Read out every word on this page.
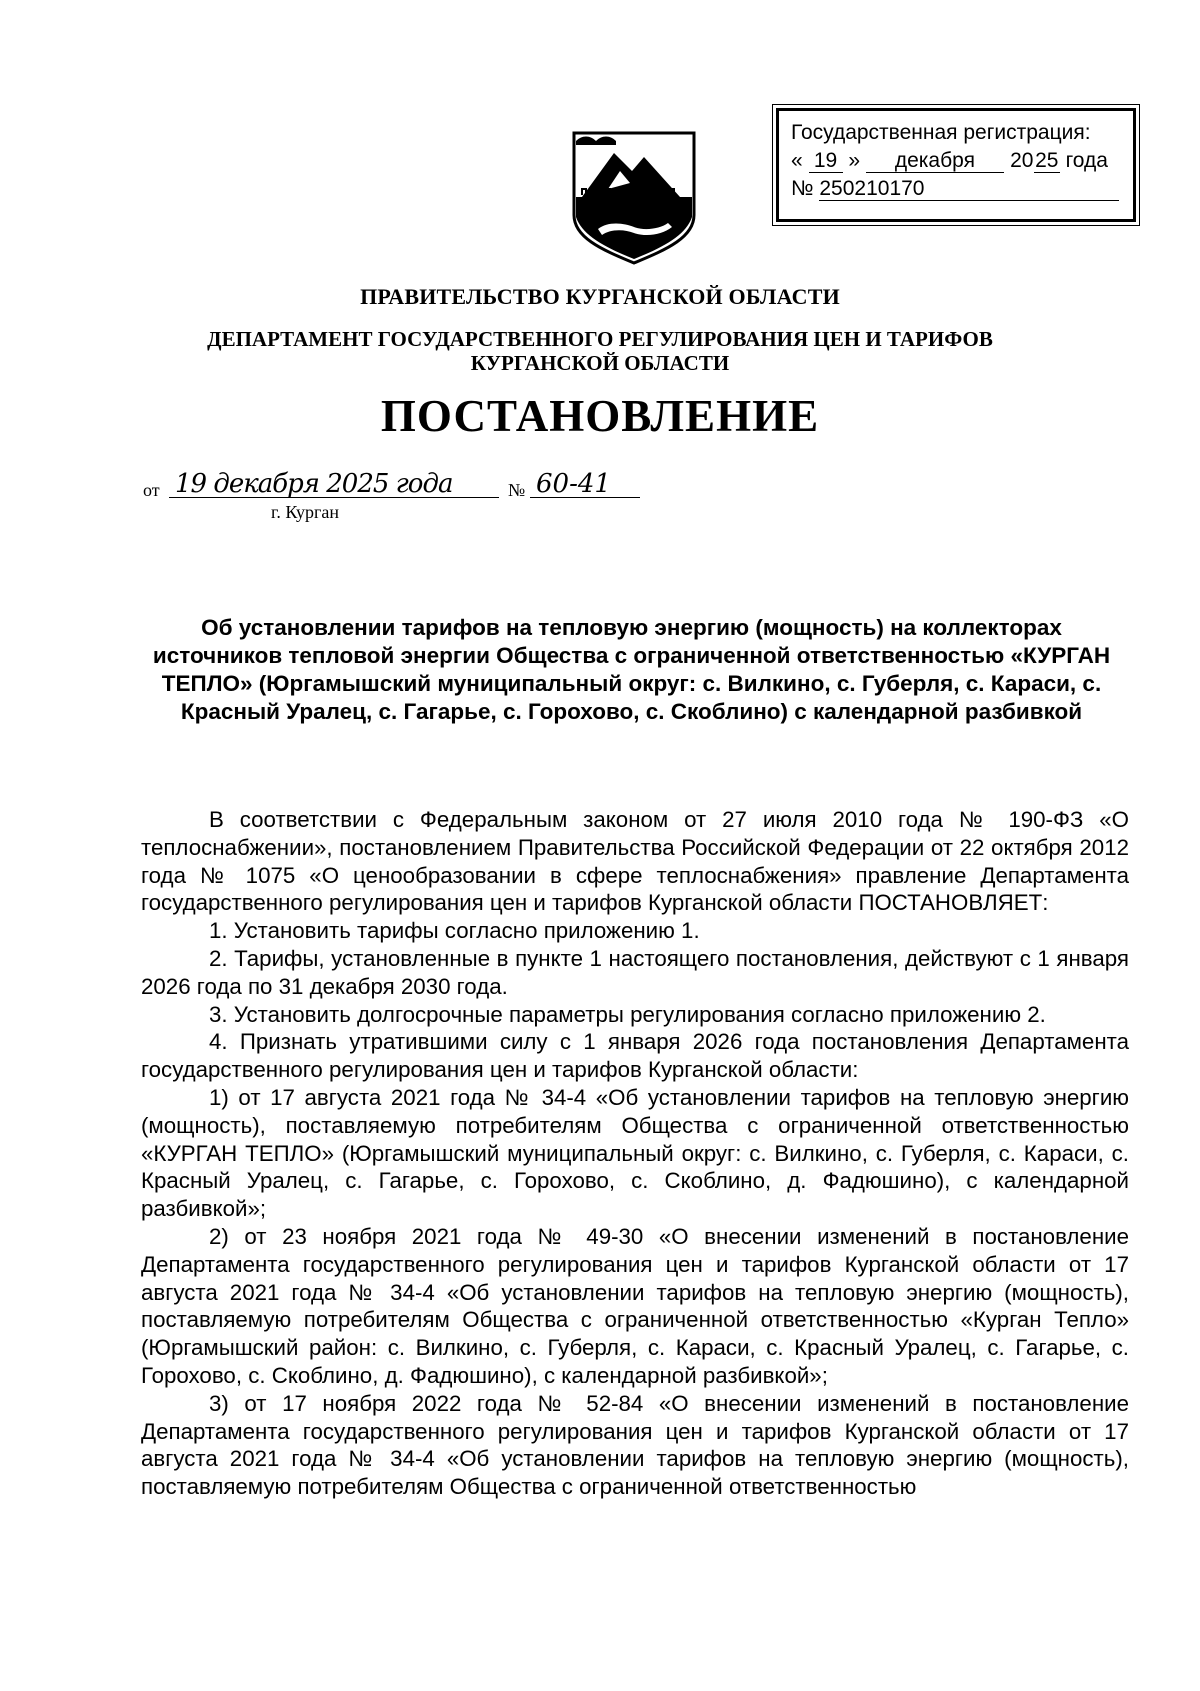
Государственная регистрация:
« 19 » декабря 2025 года
№ 250210170
ПРАВИТЕЛЬСТВО КУРГАНСКОЙ ОБЛАСТИ
ДЕПАРТАМЕНТ ГОСУДАРСТВЕННОГО РЕГУЛИРОВАНИЯ ЦЕН И ТАРИФОВ
КУРГАНСКОЙ ОБЛАСТИ
ПОСТАНОВЛЕНИЕ
от 19 декабря 2025 года	№ 60-41
г. Курган
Об установлении тарифов на тепловую энергию (мощность) на коллекторах источников тепловой энергии Общества с ограниченной ответственностью «КУРГАН ТЕПЛО» (Юргамышский муниципальный округ: с. Вилкино, с. Губерля, с. Караси, с. Красный Уралец, с. Гагарье, с. Горохово, с. Скоблино) с календарной разбивкой

В соответствии с Федеральным законом от 27 июля 2010 года № 190-ФЗ «О теплоснабжении», постановлением Правительства Российской Федерации от 22 октября 2012 года № 1075 «О ценообразовании в сфере теплоснабжения» правление Департамента государственного регулирования цен и тарифов Курганской области ПОСТАНОВЛЯЕТ:

1. Установить тарифы согласно приложению 1.

2. Тарифы, установленные в пункте 1 настоящего постановления, действуют с 1 января 2026 года по 31 декабря 2030 года.

3. Установить долгосрочные параметры регулирования согласно приложению 2.

4. Признать утратившими силу с 1 января 2026 года постановления Департамента государственного регулирования цен и тарифов Курганской области:

1) от 17 августа 2021 года № 34-4 «Об установлении тарифов на тепловую энергию (мощность), поставляемую потребителям Общества с ограниченной ответственностью «КУРГАН ТЕПЛО» (Юргамышский муниципальный округ: с. Вилкино, с. Губерля, с. Караси, с. Красный Уралец, с. Гагарье, с. Горохово, с. Скоблино, д. Фадюшино), с календарной разбивкой»;

2) от 23 ноября 2021 года № 49-30 «О внесении изменений в постановление Департамента государственного регулирования цен и тарифов Курганской области от 17 августа 2021 года № 34-4 «Об установлении тарифов на тепловую энергию (мощность), поставляемую потребителям Общества с ограниченной ответственностью «Курган Тепло» (Юргамышский район: с. Вилкино, с. Губерля, с. Караси, с. Красный Уралец, с. Гагарье, с. Горохово, с. Скоблино, д. Фадюшино), с календарной разбивкой»;

3) от 17 ноября 2022 года № 52-84 «О внесении изменений в постановление Департамента государственного регулирования цен и тарифов Курганской области от 17 августа 2021 года № 34-4 «Об установлении тарифов на тепловую энергию (мощность), поставляемую потребителям Общества с ограниченной ответственностью
